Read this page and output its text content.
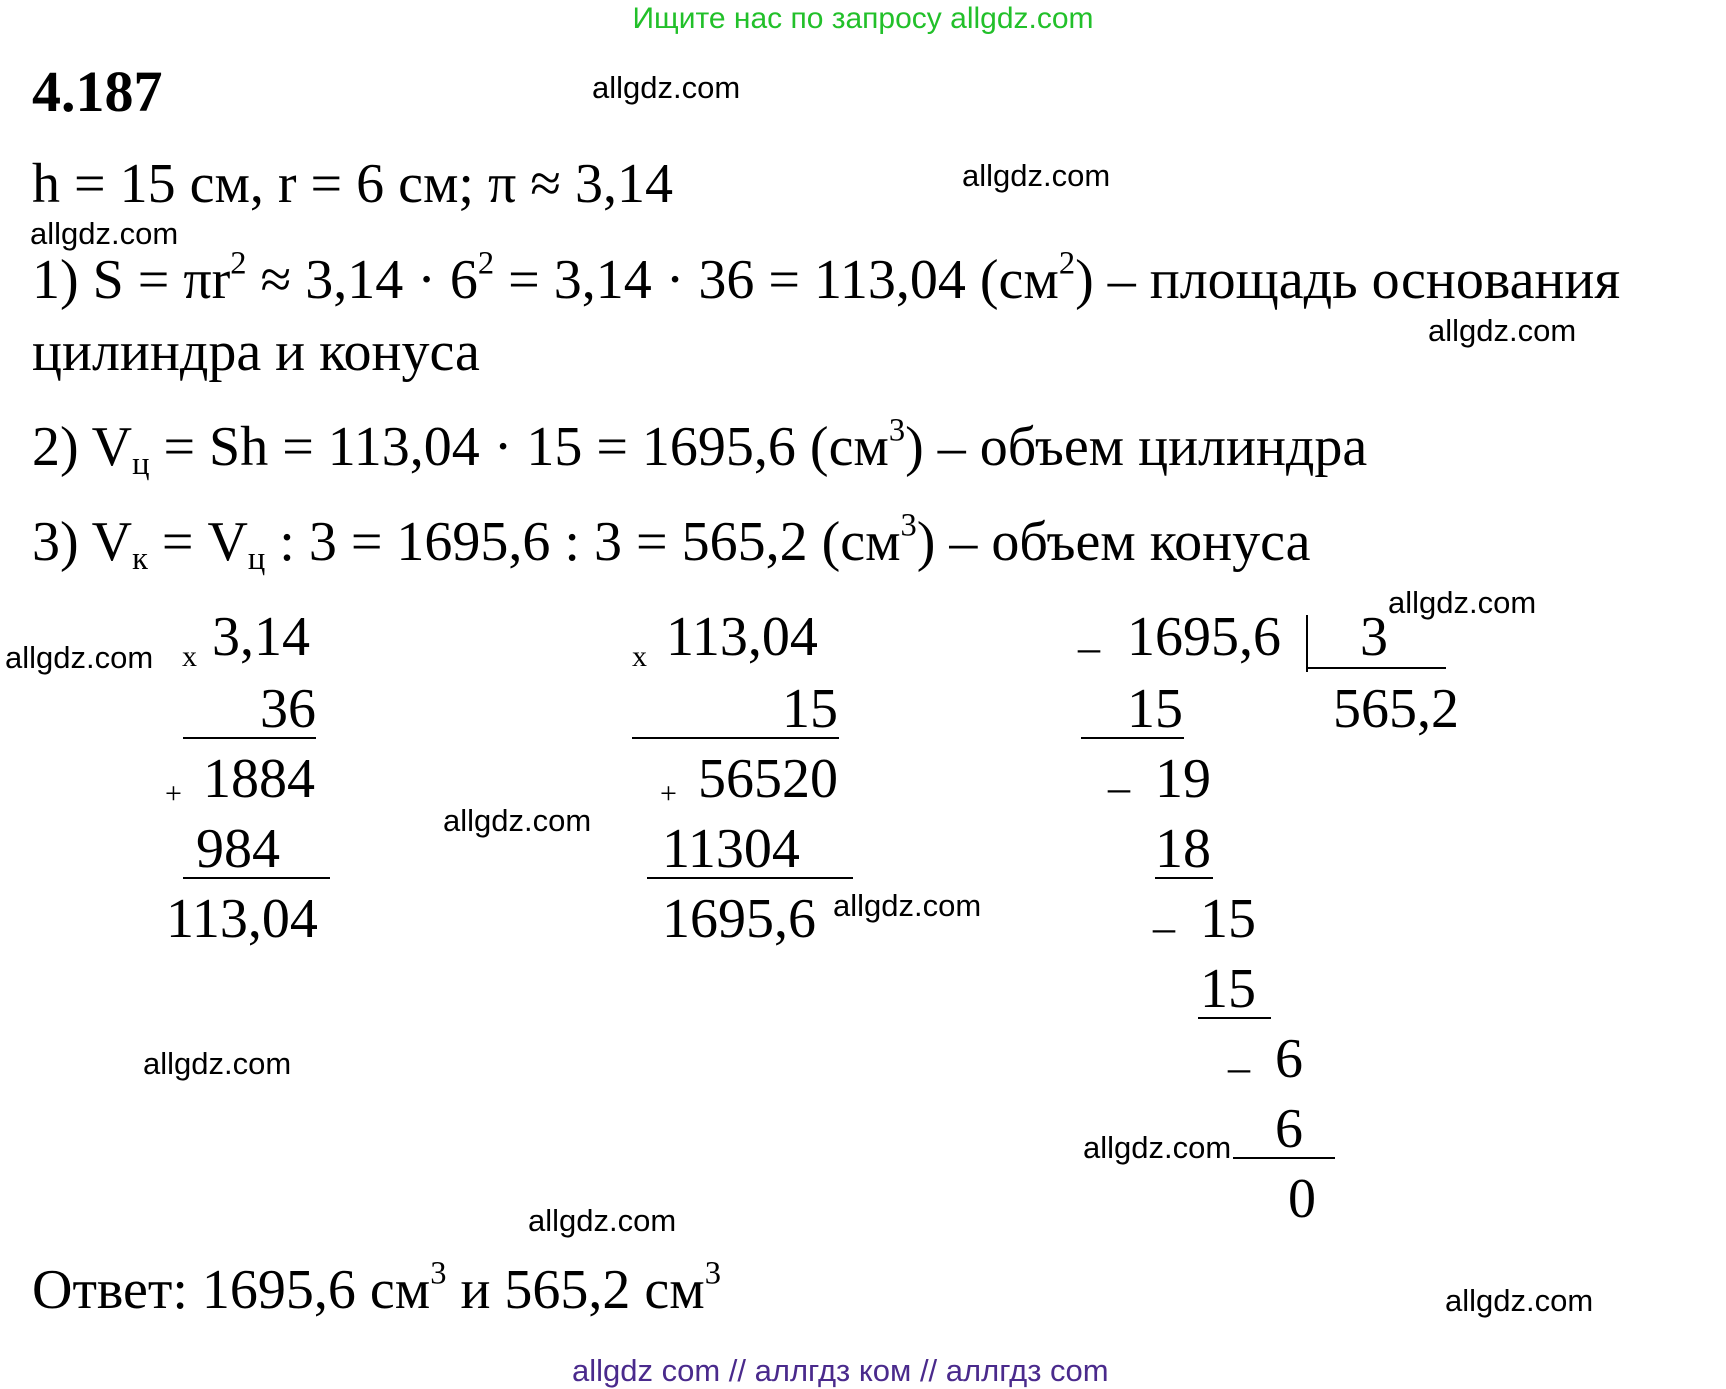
Ищите нас по запросу allgdz.com
4.187
h = 15 см, r = 6 см; π ≈ 3,14
1) $S = \pi r^2 \approx 3,14 \cdot 6^2 = 3,14 \cdot 36 = 113,04$ $(см^2)$ – площадь основания
цилиндра и конуса
2) $V_ц = Sh = 113,04 \cdot 15 = 1695,6$ $(см^3)$ – объем цилиндра
3) $V_к = V_ц$ : 3 = 1695,6 : 3 = 565,2 $(см^3)$ – объем конуса
x 3,14
36
+ 1884
984
113,04
x 113,04
15
+ 56520
11304
1695,6
_ 1695,6 3
565,2
15
_ 19
18
_ 15
15
_ 6
6
0
Ответ: 1695,6 $см^3$ и 565,2 $см^3$
allgdz.com
allgdz.com
allgdz.com
allgdz.com
allgdz.com
allgdz.com
allgdz.com
allgdz.com
allgdz.com
allgdz.com
allgdz.com
allgdz.com
allgdz com // аллгдз ком // аллгдз com
